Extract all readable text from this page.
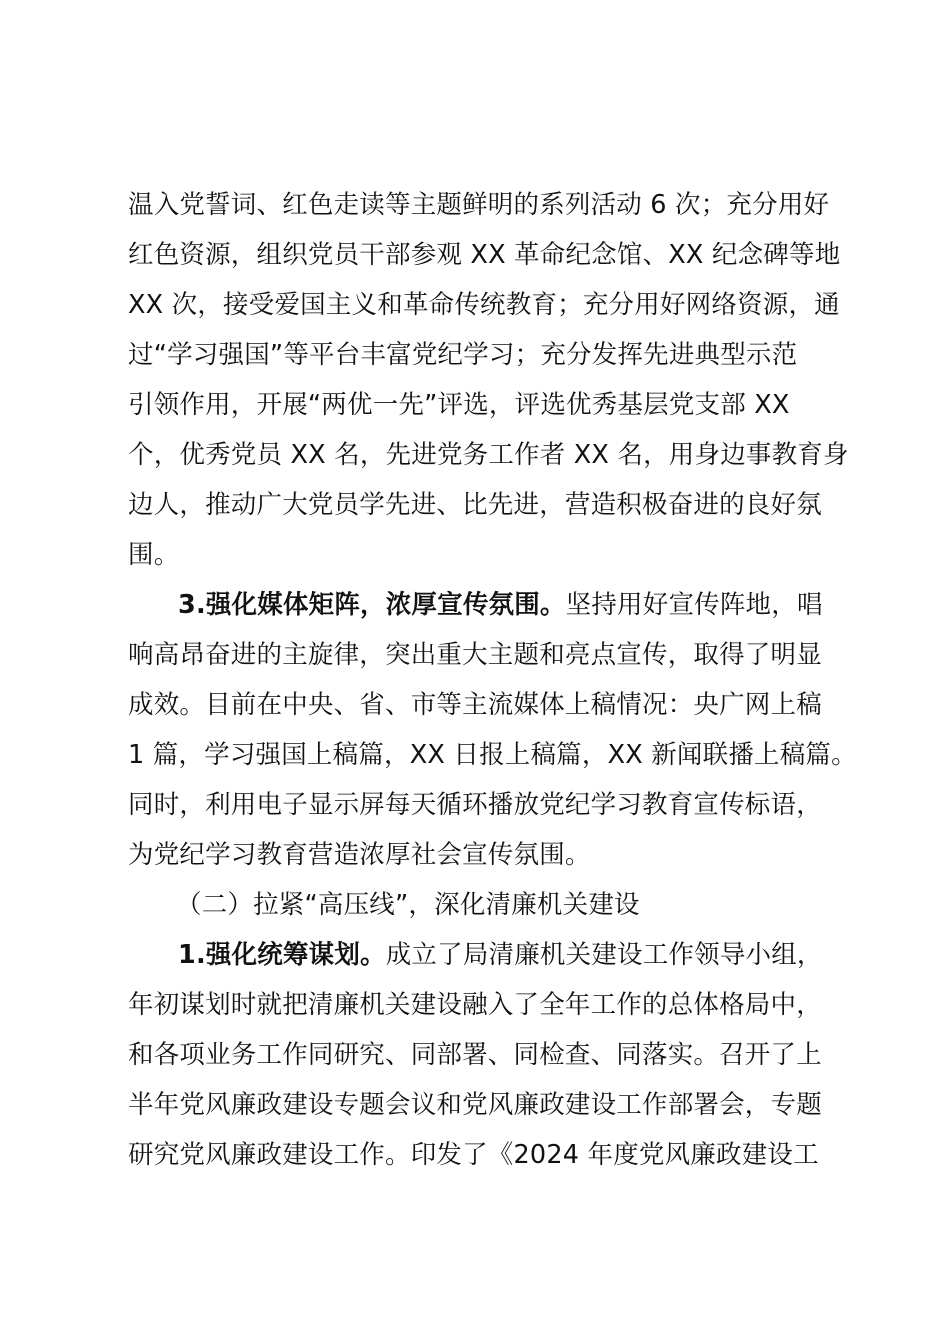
温入党誓词、红色走读等主题鲜明的系列活动 6 次；充分用好
红色资源，组织党员干部参观 XX 革命纪念馆、XX 纪念碑等地
XX 次，接受爱国主义和革命传统教育；充分用好网络资源，通
过“学习强国”等平台丰富党纪学习；充分发挥先进典型示范
引领作用，开展“两优一先”评选，评选优秀基层党支部 XX
个，优秀党员 XX 名，先进党务工作者 XX 名，用身边事教育身
边人，推动广大党员学先进、比先进，营造积极奋进的良好氛
围。
3.强化媒体矩阵，浓厚宣传氛围。坚持用好宣传阵地，唱
响高昂奋进的主旋律，突出重大主题和亮点宣传，取得了明显
成效。目前在中央、省、市等主流媒体上稿情况：央广网上稿
1 篇，学习强国上稿篇，XX 日报上稿篇，XX 新闻联播上稿篇。
同时，利用电子显示屏每天循环播放党纪学习教育宣传标语，
为党纪学习教育营造浓厚社会宣传氛围。
（二）拉紧“高压线”，深化清廉机关建设
1.强化统筹谋划。成立了局清廉机关建设工作领导小组，
年初谋划时就把清廉机关建设融入了全年工作的总体格局中，
和各项业务工作同研究、同部署、同检查、同落实。召开了上
半年党风廉政建设专题会议和党风廉政建设工作部署会，专题
研究党风廉政建设工作。印发了《2024 年度党风廉政建设工
